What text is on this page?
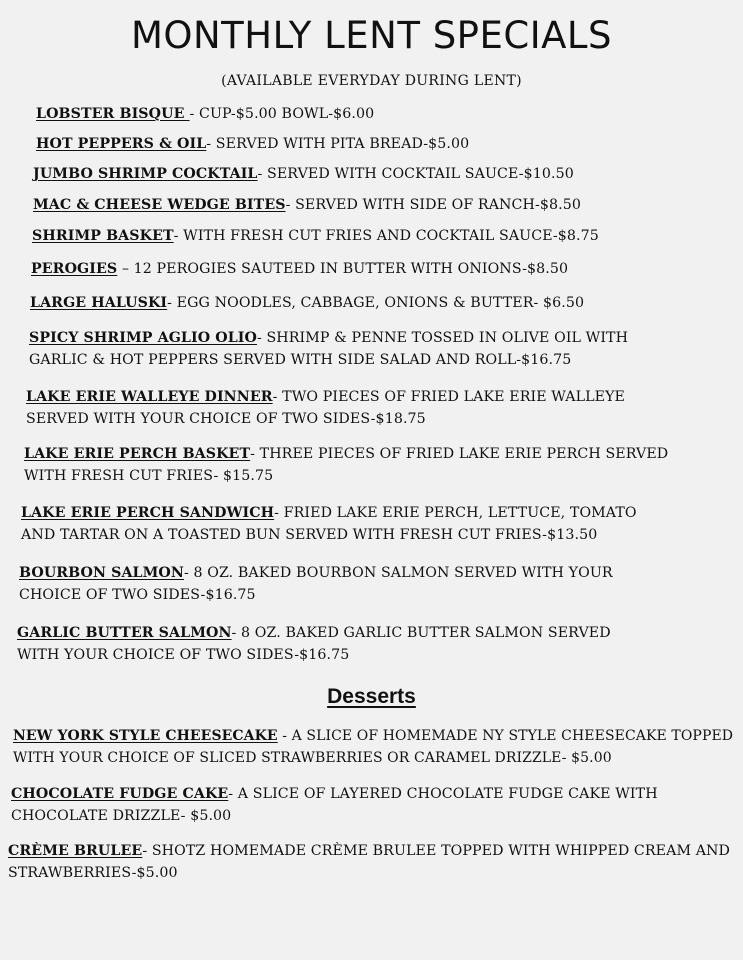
MONTHLY LENT SPECIALS
(AVAILABLE EVERYDAY DURING LENT)
LOBSTER BISQUE - CUP-$5.00 BOWL-$6.00
HOT PEPPERS & OIL- SERVED WITH PITA BREAD-$5.00
JUMBO SHRIMP COCKTAIL- SERVED WITH COCKTAIL SAUCE-$10.50
MAC & CHEESE WEDGE BITES- SERVED WITH SIDE OF RANCH-$8.50
SHRIMP BASKET- WITH FRESH CUT FRIES AND COCKTAIL SAUCE-$8.75
PEROGIES – 12 PEROGIES SAUTEED IN BUTTER WITH ONIONS-$8.50
LARGE HALUSKI- EGG NOODLES, CABBAGE, ONIONS & BUTTER- $6.50
SPICY SHRIMP AGLIO OLIO- SHRIMP & PENNE TOSSED IN OLIVE OIL WITH
GARLIC & HOT PEPPERS SERVED WITH SIDE SALAD AND ROLL-$16.75
LAKE ERIE WALLEYE DINNER- TWO PIECES OF FRIED LAKE ERIE WALLEYE
SERVED WITH YOUR CHOICE OF TWO SIDES-$18.75
LAKE ERIE PERCH BASKET- THREE PIECES OF FRIED LAKE ERIE PERCH SERVED
WITH FRESH CUT FRIES- $15.75
LAKE ERIE PERCH SANDWICH- FRIED LAKE ERIE PERCH, LETTUCE, TOMATO
AND TARTAR ON A TOASTED BUN SERVED WITH FRESH CUT FRIES-$13.50
BOURBON SALMON- 8 OZ. BAKED BOURBON SALMON SERVED WITH YOUR
CHOICE OF TWO SIDES-$16.75
GARLIC BUTTER SALMON- 8 OZ. BAKED GARLIC BUTTER SALMON SERVED
WITH YOUR CHOICE OF TWO SIDES-$16.75
Desserts
NEW YORK STYLE CHEESECAKE - A SLICE OF HOMEMADE NY STYLE CHEESECAKE TOPPED
WITH YOUR CHOICE OF SLICED STRAWBERRIES OR CARAMEL DRIZZLE- $5.00
CHOCOLATE FUDGE CAKE- A SLICE OF LAYERED CHOCOLATE FUDGE CAKE WITH
CHOCOLATE DRIZZLE- $5.00
CRÈME BRULEE- SHOTZ HOMEMADE CRÈME BRULEE TOPPED WITH WHIPPED CREAM AND
STRAWBERRIES-$5.00
